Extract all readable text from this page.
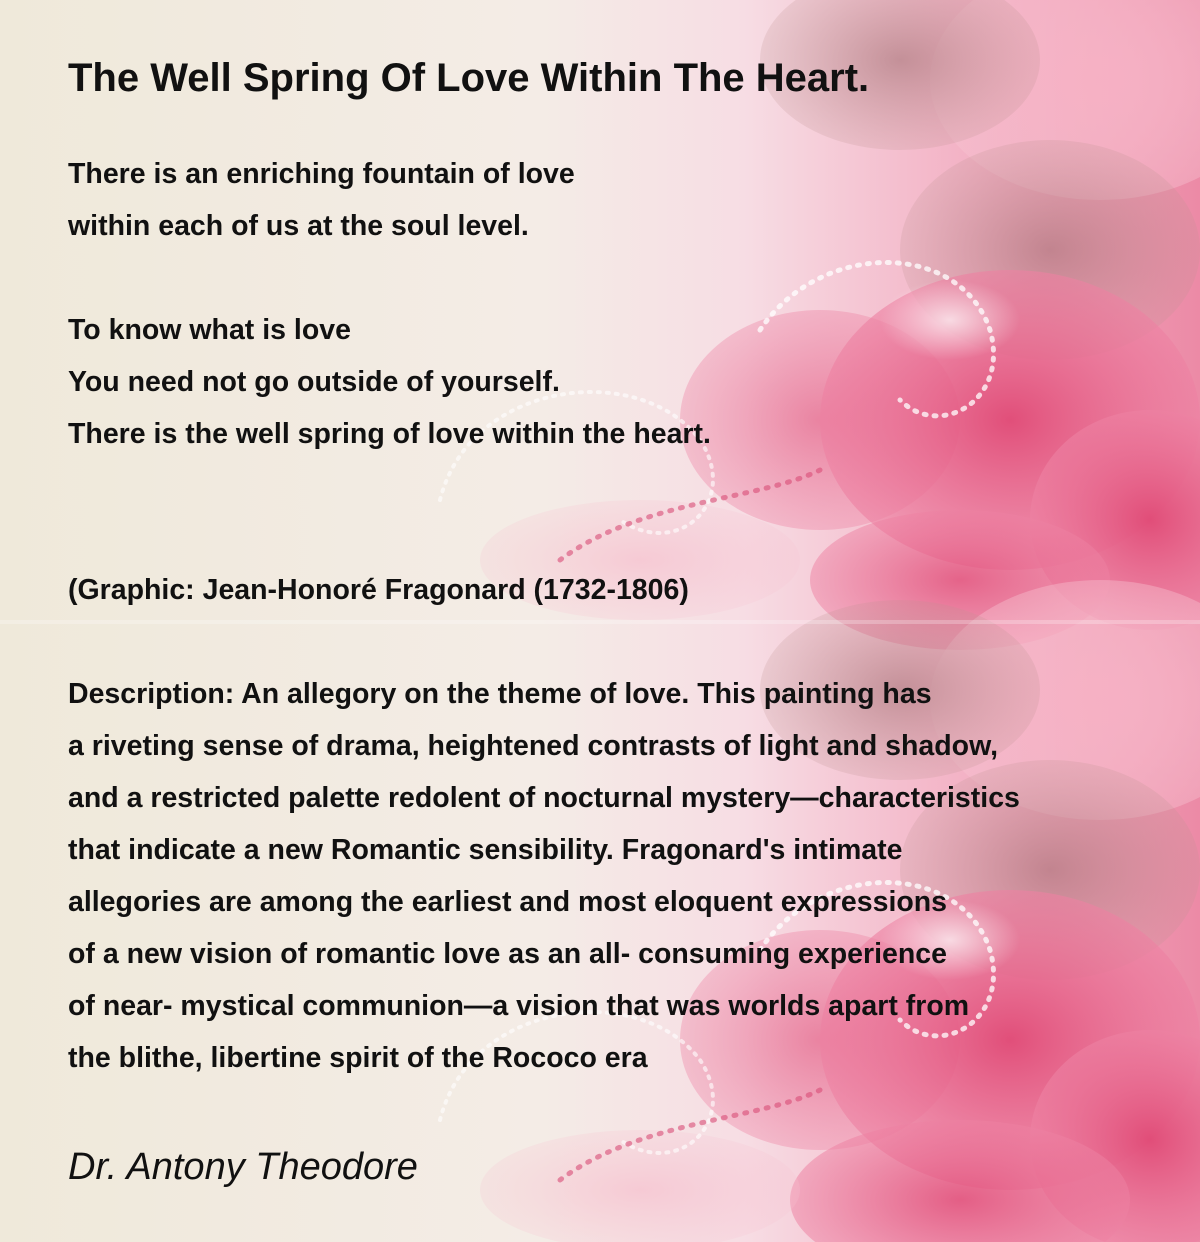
The Well Spring Of Love Within The Heart.

There is an enriching fountain of love

within each of us at the soul level.

To know what is love

You need not go outside of yourself.

There is the well spring of love within the heart.

(Graphic: Jean-Honoré Fragonard (1732-1806)

Description: An allegory on the theme of love. This painting has

a riveting sense of drama, heightened contrasts of light and shadow,

and a restricted palette redolent of nocturnal mystery—characteristics

that indicate a new Romantic sensibility. Fragonard's intimate

allegories are among the earliest and most eloquent expressions

of a new vision of romantic love as an all- consuming experience

of near- mystical communion—a vision that was worlds apart from

the blithe, libertine spirit of the Rococo era

Dr. Antony Theodore
